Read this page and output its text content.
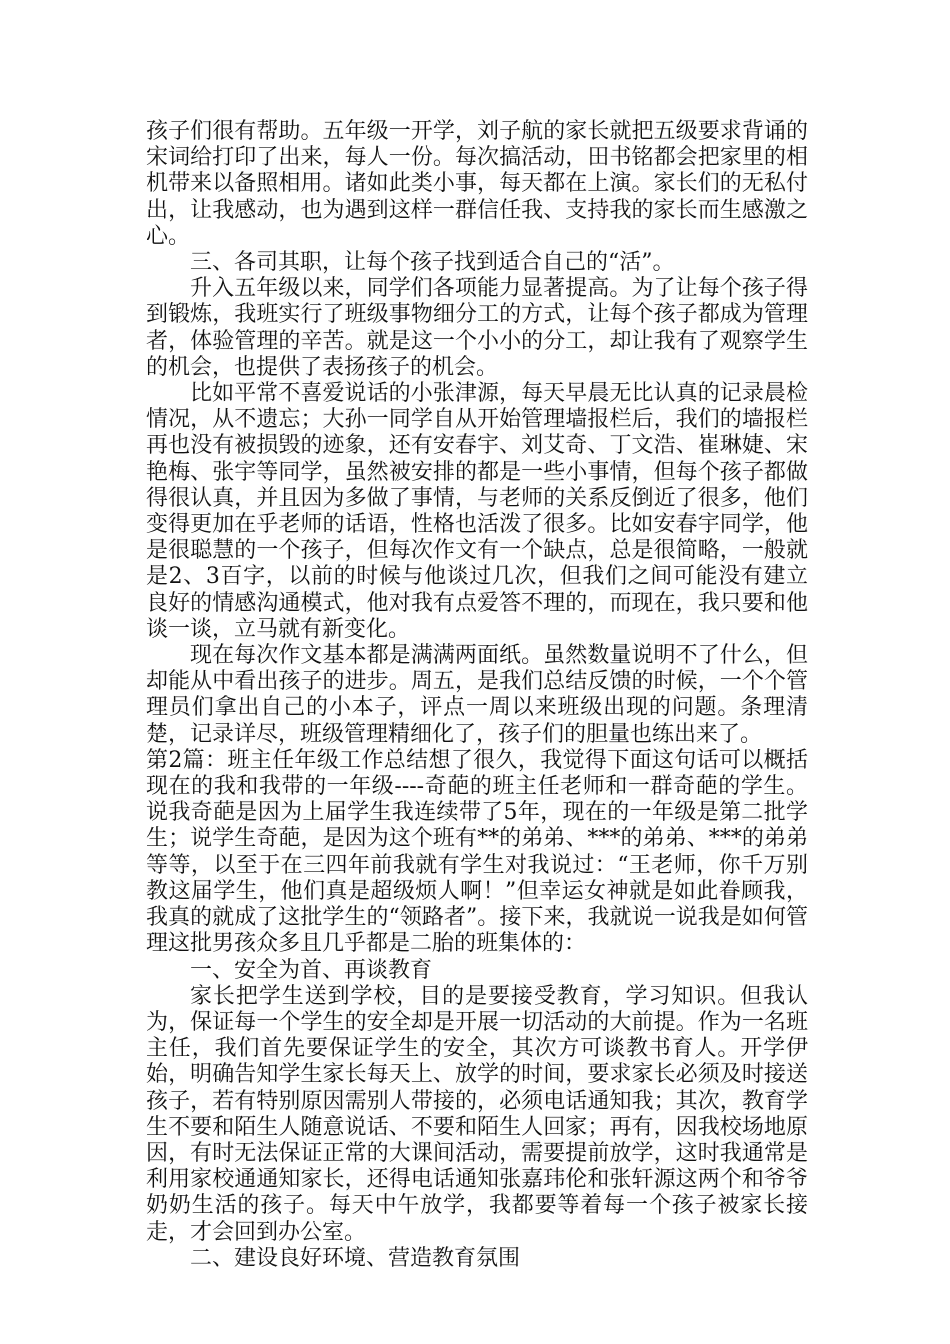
孩子们很有帮助。五年级一开学，刘子航的家长就把五级要求背诵的宋词给打印了出来，每人一份。每次搞活动，田书铭都会把家里的相机带来以备照相用。诸如此类小事，每天都在上演。家长们的无私付出，让我感动，也为遇到这样一群信任我、支持我的家长而生感激之心。

三、各司其职，让每个孩子找到适合自己的“活”。

升入五年级以来，同学们各项能力显著提高。为了让每个孩子得到锻炼，我班实行了班级事物细分工的方式，让每个孩子都成为管理者，体验管理的辛苦。就是这一个小小的分工，却让我有了观察学生的机会，也提供了表扬孩子的机会。

比如平常不喜爱说话的小张津源，每天早晨无比认真的记录晨检情况，从不遗忘；大孙一同学自从开始管理墙报栏后，我们的墙报栏再也没有被损毁的迹象，还有安春宇、刘艾奇、丁文浩、崔琳婕、宋艳梅、张宇等同学，虽然被安排的都是一些小事情，但每个孩子都做得很认真，并且因为多做了事情，与老师的关系反倒近了很多，他们变得更加在乎老师的话语，性格也活泼了很多。比如安春宇同学，他是很聪慧的一个孩子，但每次作文有一个缺点，总是很简略，一般就是2、3百字，以前的时候与他谈过几次，但我们之间可能没有建立良好的情感沟通模式，他对我有点爱答不理的，而现在，我只要和他谈一谈，立马就有新变化。

现在每次作文基本都是满满两面纸。虽然数量说明不了什么，但却能从中看出孩子的进步。周五，是我们总结反馈的时候，一个个管理员们拿出自己的小本子，评点一周以来班级出现的问题。条理清楚，记录详尽，班级管理精细化了，孩子们的胆量也练出来了。

第2篇：班主任年级工作总结想了很久，我觉得下面这句话可以概括现在的我和我带的一年级----奇葩的班主任老师和一群奇葩的学生。说我奇葩是因为上届学生我连续带了5年，现在的一年级是第二批学生；说学生奇葩，是因为这个班有**的弟弟、***的弟弟、***的弟弟等等，以至于在三四年前我就有学生对我说过：“王老师，你千万别教这届学生，他们真是超级烦人啊！”但幸运女神就是如此眷顾我，我真的就成了这批学生的“领路者”。接下来，我就说一说我是如何管理这批男孩众多且几乎都是二胎的班集体的：

一、安全为首、再谈教育

家长把学生送到学校，目的是要接受教育，学习知识。但我认为，保证每一个学生的安全却是开展一切活动的大前提。作为一名班主任，我们首先要保证学生的安全，其次方可谈教书育人。开学伊始，明确告知学生家长每天上、放学的时间，要求家长必须及时接送孩子，若有特别原因需别人带接的，必须电话通知我；其次，教育学生不要和陌生人随意说话、不要和陌生人回家；再有，因我校场地原因，有时无法保证正常的大课间活动，需要提前放学，这时我通常是利用家校通通知家长，还得电话通知张嘉玮伦和张轩源这两个和爷爷奶奶生活的孩子。每天中午放学，我都要等着每一个孩子被家长接走，才会回到办公室。

二、建设良好环境、营造教育氛围
